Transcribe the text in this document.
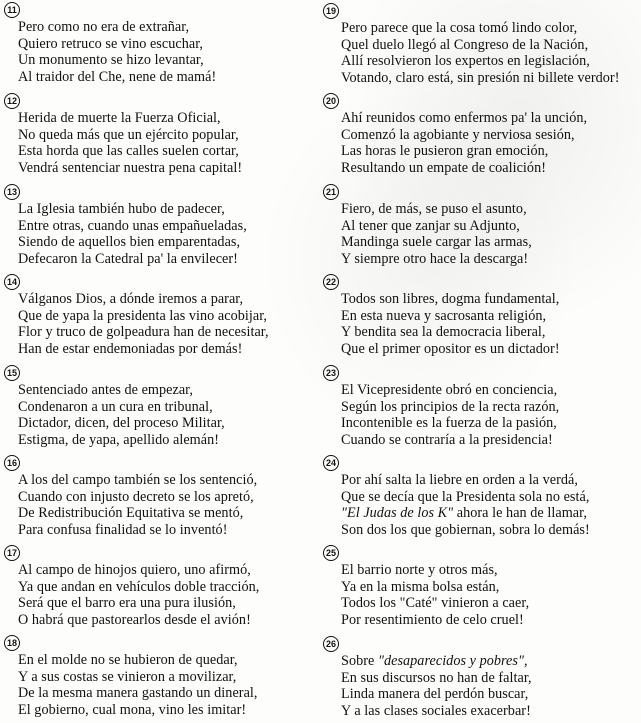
11
Pero como no era de extrañar,
Quiero retruco se vino escuchar,
Un monumento se hizo levantar,
Al traidor del Che, nene de mamá!
12
Herida de muerte la Fuerza Oficial,
No queda más que un ejército popular,
Esta horda que las calles suelen cortar,
Vendrá sentenciar nuestra pena capital!
13
La Iglesia también hubo de padecer,
Entre otras, cuando unas empañueladas,
Siendo de aquellos bien emparentadas,
Defecaron la Catedral pa' la envilecer!
14
Válganos Dios, a dónde iremos a parar,
Que de yapa la presidenta las vino acobijar,
Flor y truco de golpeadura han de necesitar,
Han de estar endemoniadas por demás!
15
Sentenciado antes de empezar,
Condenaron a un cura en tribunal,
Dictador, dicen, del proceso Militar,
Estigma, de yapa, apellido alemán!
16
A los del campo también se los sentenció,
Cuando con injusto decreto se los apretó,
De Redistribución Equitativa se mentó,
Para confusa finalidad se lo inventó!
17
Al campo de hinojos quiero, uno afirmó,
Ya que andan en vehículos doble tracción,
Será que el barro era una pura ilusión,
O habrá que pastorearlos desde el avión!
18
En el molde no se hubieron de quedar,
Y a sus costas se vinieron a movilizar,
De la mesma manera gastando un dineral,
El gobierno, cual mona, vino les imitar!
19
Pero parece que la cosa tomó lindo color,
Quel duelo llegó al Congreso de la Nación,
Allí resolvieron los expertos en legislación,
Votando, claro está, sin presión ni billete verdor!
20
Ahí reunidos como enfermos pa' la unción,
Comenzó la agobiante y nerviosa sesión,
Las horas le pusieron gran emoción,
Resultando un empate de coalición!
21
Fiero, de más, se puso el asunto,
Al tener que zanjar su Adjunto,
Mandinga suele cargar las armas,
Y siempre otro hace la descarga!
22
Todos son libres, dogma fundamental,
En esta nueva y sacrosanta religión,
Y bendita sea la democracia liberal,
Que el primer opositor es un dictador!
23
El Vicepresidente obró en conciencia,
Según los principios de la recta razón,
Incontenible es la fuerza de la pasión,
Cuando se contraría a la presidencia!
24
Por ahí salta la liebre en orden a la verdá,
Que se decía que la Presidenta sola no está,
"El Judas de los K" ahora le han de llamar,
Son dos los que gobiernan, sobra lo demás!
25
El barrio norte y otros más,
Ya en la misma bolsa están,
Todos los "Caté" vinieron a caer,
Por resentimiento de celo cruel!
26
Sobre "desaparecidos y pobres",
En sus discursos no han de faltar,
Linda manera del perdón buscar,
Y a las clases sociales exacerbar!
